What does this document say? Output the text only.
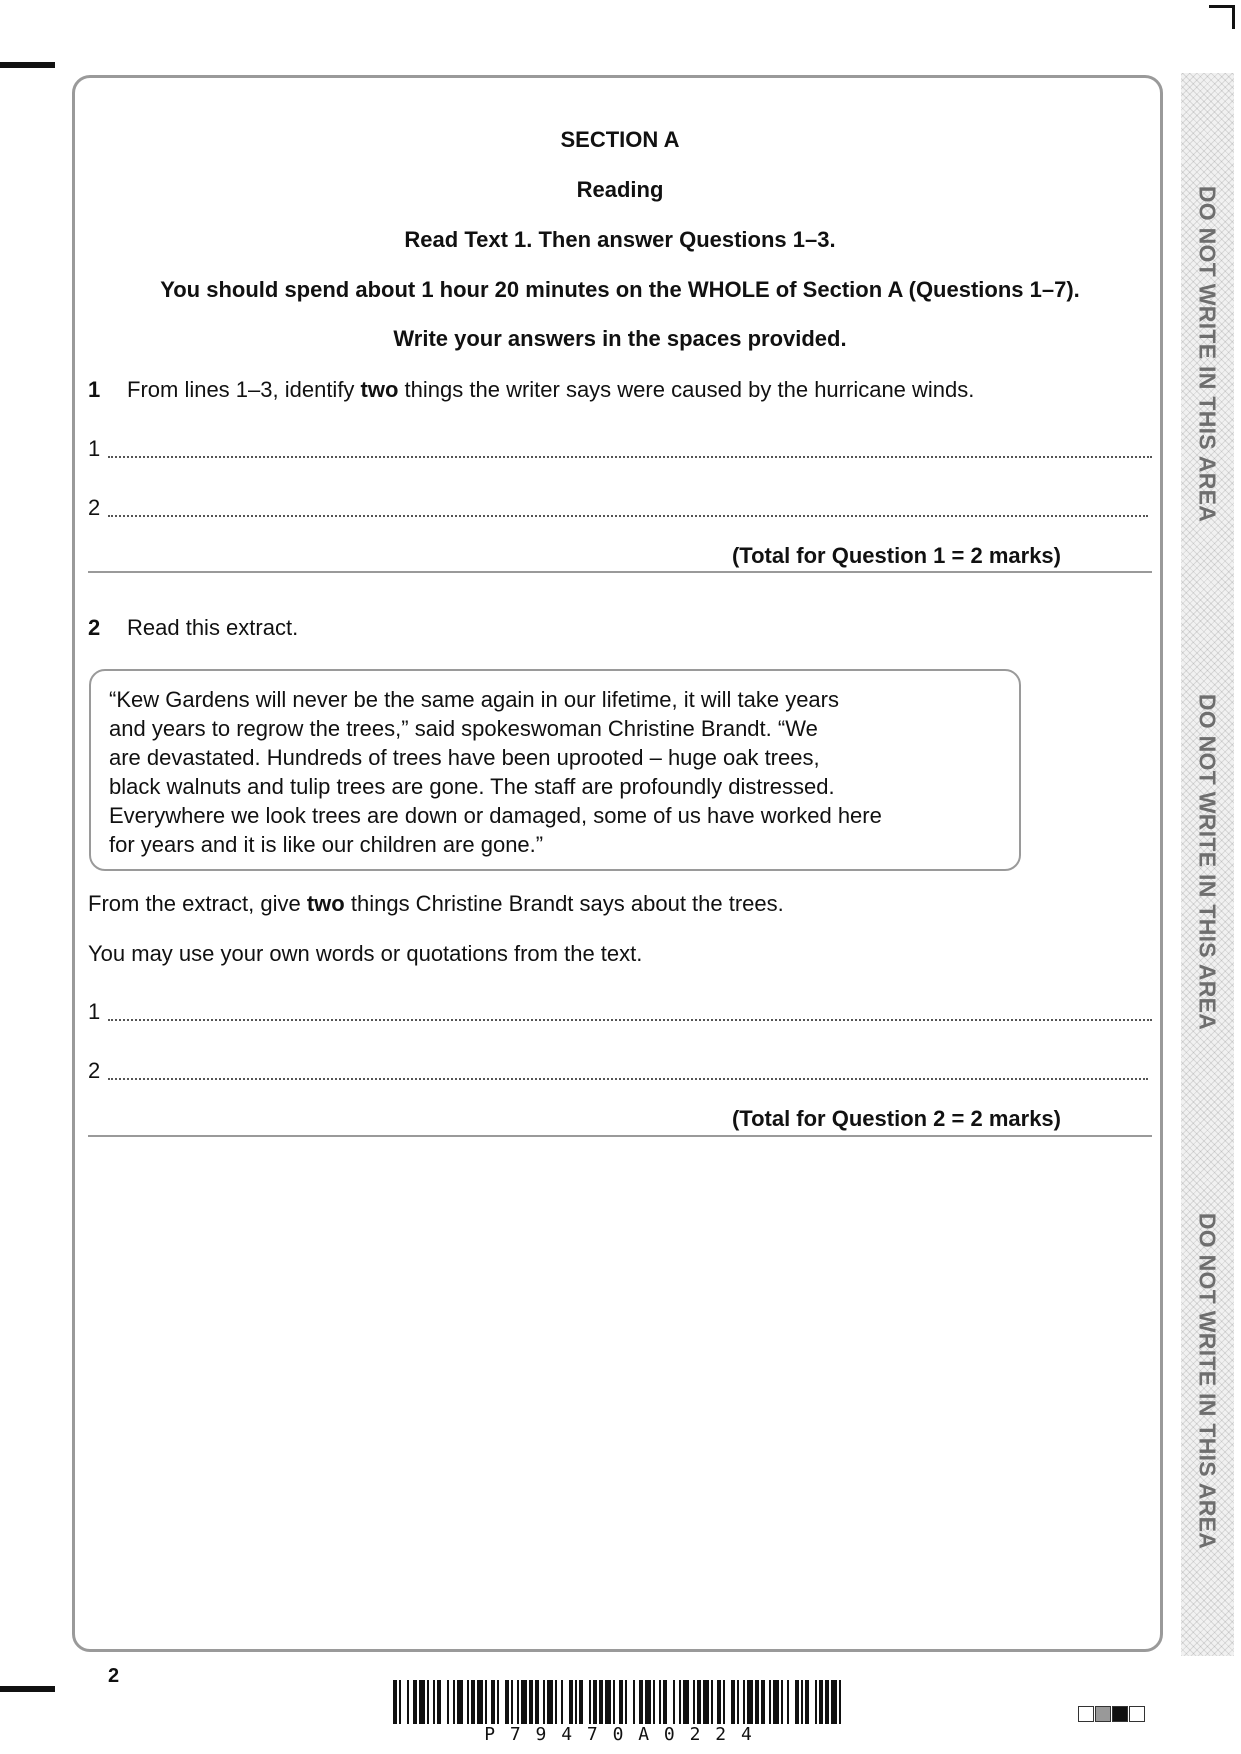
DO NOT WRITE IN THIS AREA
DO NOT WRITE IN THIS AREA
DO NOT WRITE IN THIS AREA
SECTION A
Reading
Read Text 1. Then answer Questions 1–3.
You should spend about 1 hour 20 minutes on the WHOLE of Section A (Questions 1–7).
Write your answers in the spaces provided.
1 From lines 1–3, identify two things the writer says were caused by the hurricane winds.
1
2
(Total for Question 1 = 2 marks)
2 Read this extract.
“Kew Gardens will never be the same again in our lifetime, it will take years
and years to regrow the trees,” said spokeswoman Christine Brandt. “We
are devastated. Hundreds of trees have been uprooted – huge oak trees,
black walnuts and tulip trees are gone. The staff are profoundly distressed.
Everywhere we look trees are down or damaged, some of us have worked here
for years and it is like our children are gone.”
From the extract, give two things Christine Brandt says about the trees.
You may use your own words or quotations from the text.
1
2
(Total for Question 2 = 2 marks)
2
P 7 9 4 7 0 A 0 2 2 4
